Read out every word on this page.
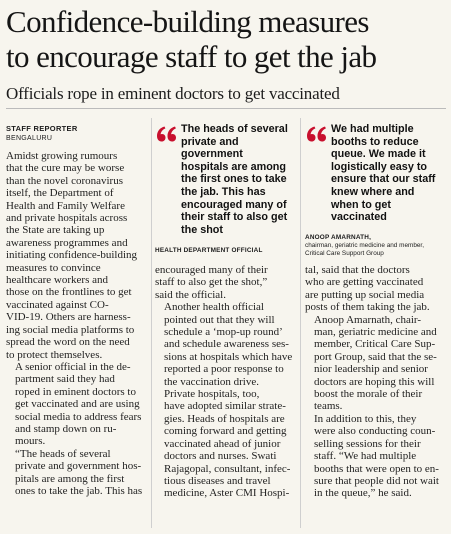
Confidence-building measures
to encourage staff to get the jab
Officials rope in eminent doctors to get vaccinated
STAFF REPORTER
BENGALURU

Amidst growing rumours
that the cure may be worse
than the novel coronavirus
itself, the Department of
Health and Family Welfare
and private hospitals across
the State are taking up
awareness programmes and
initiating confidence-building
measures to convince
healthcare workers and
those on the frontlines to get
vaccinated against CO-
VID-19. Others are harness-
ing social media platforms to
spread the word on the need
to protect themselves.

A senior official in the de-
partment said they had
roped in eminent doctors to
get vaccinated and are using
social media to address fears
and stamp down on ru-
mours.

“The heads of several
private and government hos-
pitals are among the first
ones to take the jab. This has

The heads of several
private and
government
hospitals are among
the first ones to take
the jab. This has
encouraged many of
their staff to also get
the shot
HEALTH DEPARTMENT OFFICIAL
We had multiple
booths to reduce
queue. We made it
logistically easy to
ensure that our staff
knew where and
when to get
vaccinated
ANOOP AMARNATH,
chairman, geriatric medicine and member,
Critical Care Support Group

encouraged many of their
staff to also get the shot,”
said the official.

Another health official
pointed out that they will
schedule a ‘mop-up round’
and schedule awareness ses-
sions at hospitals which have
reported a poor response to
the vaccination drive.

Private hospitals, too,
have adopted similar strate-
gies. Heads of hospitals are
coming forward and getting
vaccinated ahead of junior
doctors and nurses. Swati
Rajagopal, consultant, infec-
tious diseases and travel
medicine, Aster CMI Hospi-

tal, said that the doctors
who are getting vaccinated
are putting up social media
posts of them taking the jab.

Anoop Amarnath, chair-
man, geriatric medicine and
member, Critical Care Sup-
port Group, said that the se-
nior leadership and senior
doctors are hoping this will
boost the morale of their
teams.

In addition to this, they
were also conducting coun-
selling sessions for their
staff. “We had multiple
booths that were open to en-
sure that people did not wait
in the queue,” he said.
